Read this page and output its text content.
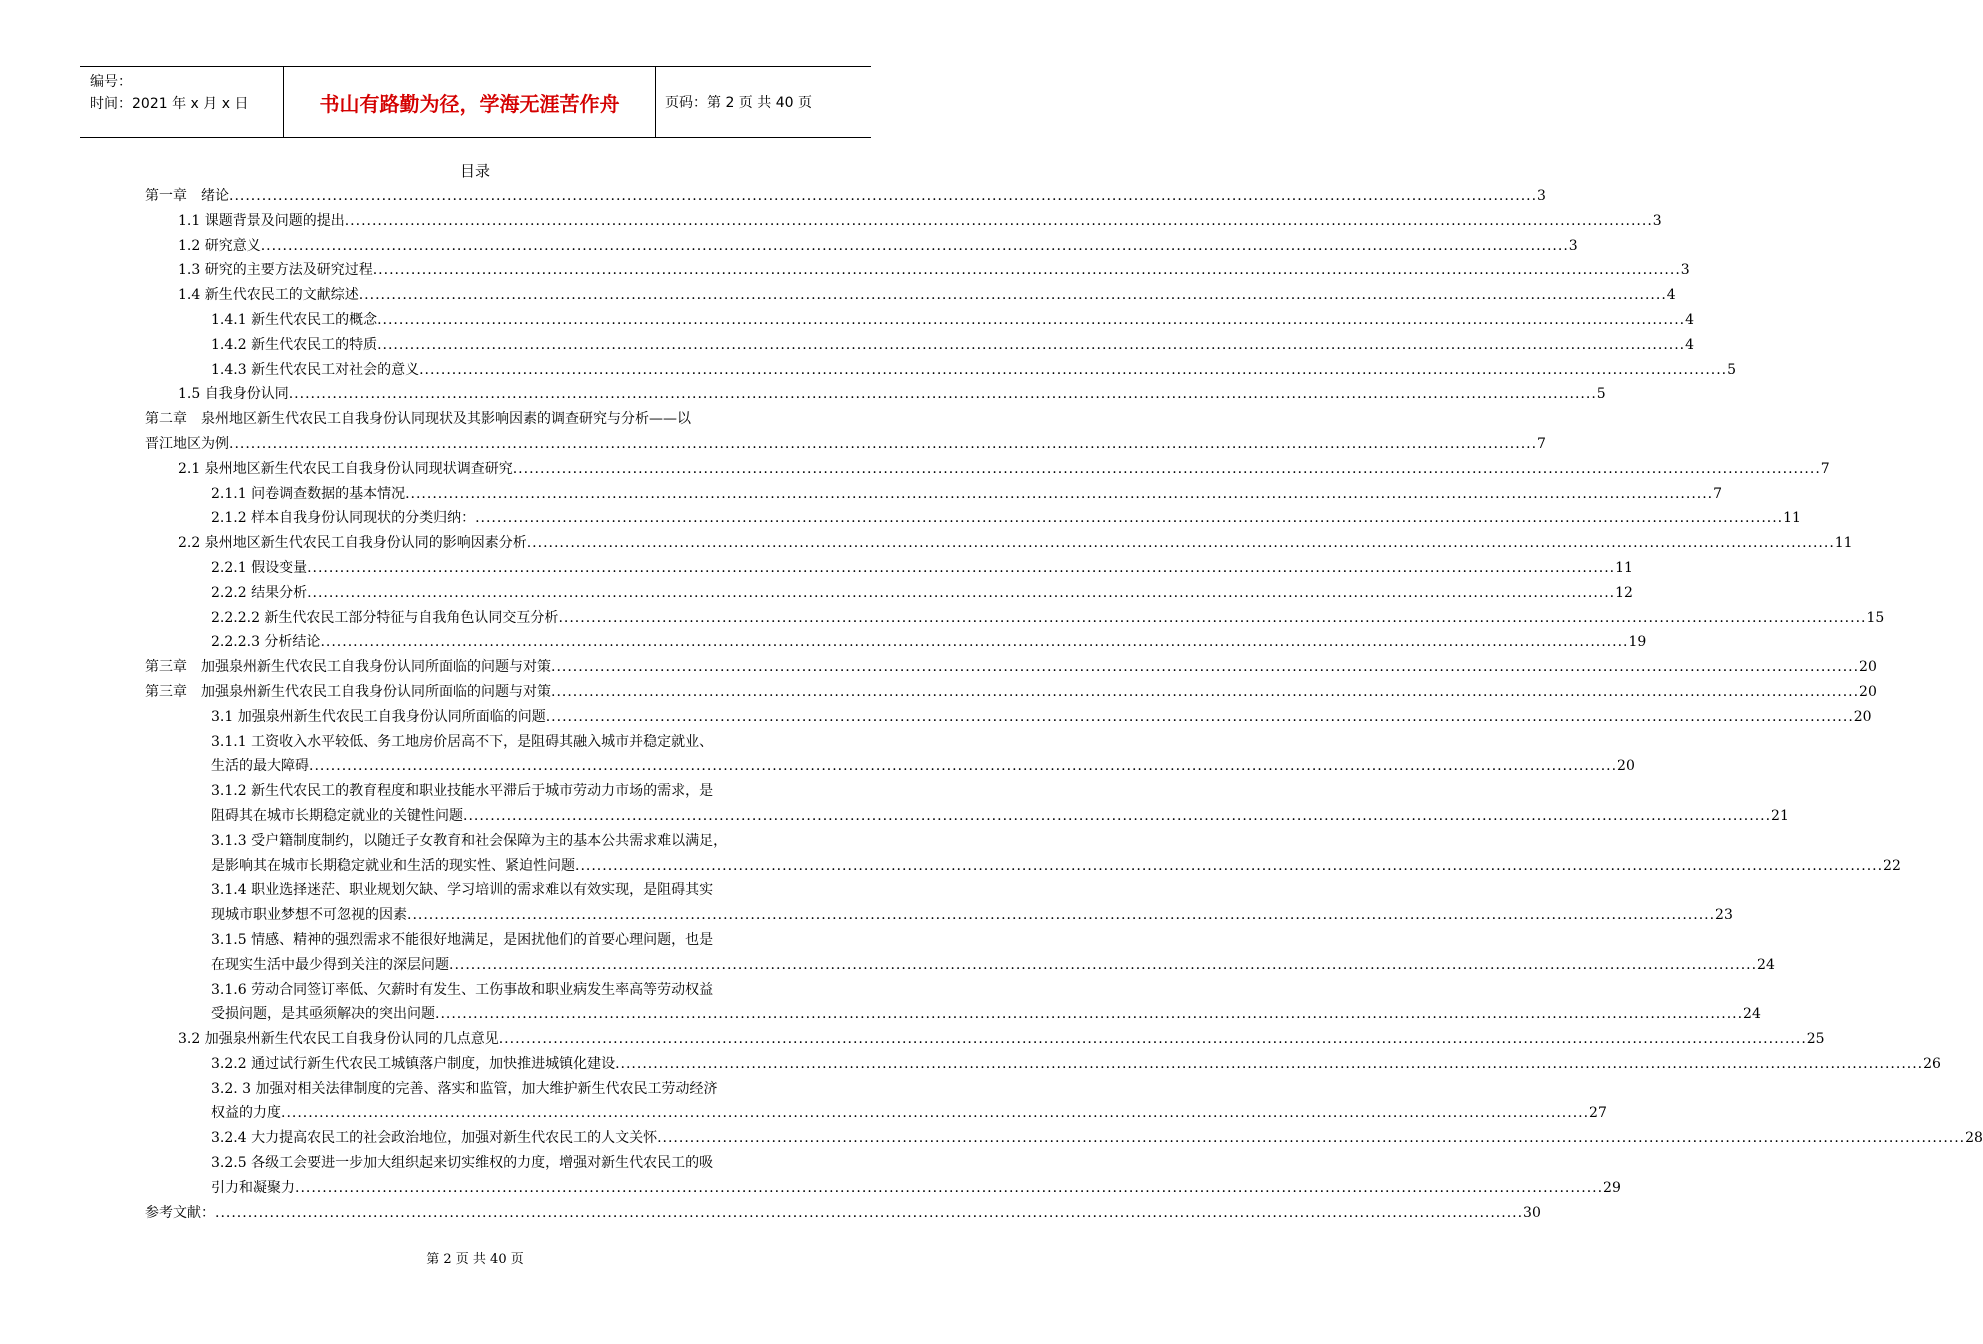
编号：
时间：2021 年 x 月 x 日	书山有路勤为径，学海无涯苦作舟	页码：第 2 页 共 40 页
目录
第一章　绪论 .....	3
1.1 课题背景及问题的提出 .....	3
1.2 研究意义 .....	3
1.3 研究的主要方法及研究过程 .....	3
1.4 新生代农民工的文献综述 .....	4
1.4.1 新生代农民工的概念 .....	4
1.4.2 新生代农民工的特质 .....	4
1.4.3 新生代农民工对社会的意义 .....	5
1.5 自我身份认同 .....	5
第二章　泉州地区新生代农民工自我身份认同现状及其影响因素的调查研究与分析——以
晋江地区为例 .....	7
2.1 泉州地区新生代农民工自我身份认同现状调查研究 .....	7
2.1.1 问卷调查数据的基本情况 .....	7
2.1.2 样本自我身份认同现状的分类归纳： .....	11
2.2 泉州地区新生代农民工自我身份认同的影响因素分析 .....	11
2.2.1 假设变量 .....	11
2.2.2 结果分析 .....	12
2.2.2.2 新生代农民工部分特征与自我角色认同交互分析 .....	15
2.2.2.3 分析结论 .....	19
第三章　加强泉州新生代农民工自我身份认同所面临的问题与对策 .....	20
第三章　加强泉州新生代农民工自我身份认同所面临的问题与对策 .....	20
3.1 加强泉州新生代农民工自我身份认同所面临的问题 .....	20
3.1.1 工资收入水平较低、务工地房价居高不下，是阻碍其融入城市并稳定就业、
生活的最大障碍 .....	20
3.1.2 新生代农民工的教育程度和职业技能水平滞后于城市劳动力市场的需求，是
阻碍其在城市长期稳定就业的关键性问题 .....	21
3.1.3 受户籍制度制约，以随迁子女教育和社会保障为主的基本公共需求难以满足，
是影响其在城市长期稳定就业和生活的现实性、紧迫性问题 .....	22
3.1.4 职业选择迷茫、职业规划欠缺、学习培训的需求难以有效实现，是阻碍其实
现城市职业梦想不可忽视的因素 .....	23
3.1.5 情感、精神的强烈需求不能很好地满足，是困扰他们的首要心理问题，也是
在现实生活中最少得到关注的深层问题 .....	24
3.1.6 劳动合同签订率低、欠薪时有发生、工伤事故和职业病发生率高等劳动权益
受损问题，是其亟须解决的突出问题 .....	24
3.2 加强泉州新生代农民工自我身份认同的几点意见 .....	25
3.2.2 通过试行新生代农民工城镇落户制度，加快推进城镇化建设 .....	26
3.2. 3 加强对相关法律制度的完善、落实和监管，加大维护新生代农民工劳动经济
权益的力度 .....	27
3.2.4 大力提高农民工的社会政治地位，加强对新生代农民工的人文关怀 .....	28
3.2.5 各级工会要进一步加大组织起来切实维权的力度，增强对新生代农民工的吸
引力和凝聚力 .....	29
参考文献： .....	30
第 2 页 共 40 页
